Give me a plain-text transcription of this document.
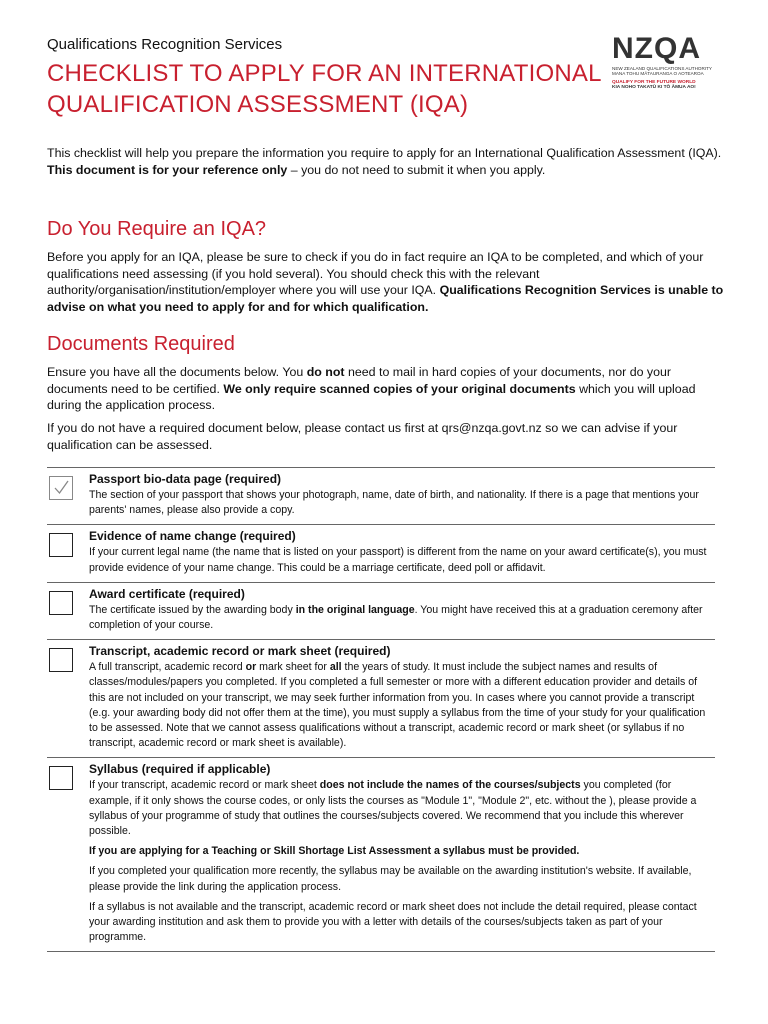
Qualifications Recognition Services
CHECKLIST TO APPLY FOR AN INTERNATIONAL QUALIFICATION ASSESSMENT (IQA)
NZQA
NEW ZEALAND QUALIFICATIONS AUTHORITY MANA TOHU MĀTAURANGA O AOTEAROA
QUALIFY FOR THE FUTURE WORLD
KIA NOHO TAKATŪ KI TŌ ĀMUA AO!
This checklist will help you prepare the information you require to apply for an International Qualification Assessment (IQA). This document is for your reference only – you do not need to submit it when you apply.
Do You Require an IQA?
Before you apply for an IQA, please be sure to check if you do in fact require an IQA to be completed, and which of your qualifications need assessing (if you hold several). You should check this with the relevant authority/organisation/institution/employer where you will use your IQA. Qualifications Recognition Services is unable to advise on what you need to apply for and for which qualification.
Documents Required
Ensure you have all the documents below. You do not need to mail in hard copies of your documents, nor do your documents need to be certified. We only require scanned copies of your original documents which you will upload during the application process.
If you do not have a required document below, please contact us first at qrs@nzqa.govt.nz so we can advise if your qualification can be assessed.
Passport bio-data page (required)
The section of your passport that shows your photograph, name, date of birth, and nationality. If there is a page that mentions your parents' names, please also provide a copy.
Evidence of name change (required)
If your current legal name (the name that is listed on your passport) is different from the name on your award certificate(s), you must provide evidence of your name change. This could be a marriage certificate, deed poll or affidavit.
Award certificate (required)
The certificate issued by the awarding body in the original language. You might have received this at a graduation ceremony after completion of your course.
Transcript, academic record or mark sheet (required)
A full transcript, academic record or mark sheet for all the years of study. It must include the subject names and results of classes/modules/papers you completed. If you completed a full semester or more with a different education provider and details of this are not included on your transcript, we may seek further information from you. In cases where you cannot provide a transcript (e.g. your awarding body did not offer them at the time), you must supply a syllabus from the time of your study for your qualification to be assessed. Note that we cannot assess qualifications without a transcript, academic record or mark sheet (or syllabus if no transcript, academic record or mark sheet is available).
Syllabus (required if applicable)

If your transcript, academic record or mark sheet does not include the names of the courses/subjects you completed (for example, if it only shows the course codes, or only lists the courses as "Module 1", "Module 2", etc. without the ), please provide a syllabus of your programme of study that outlines the courses/subjects covered. We recommend that you include this wherever possible.

If you are applying for a Teaching or Skill Shortage List Assessment a syllabus must be provided.

If you completed your qualification more recently, the syllabus may be available on the awarding institution's website. If available, please provide the link during the application process.

If a syllabus is not available and the transcript, academic record or mark sheet does not include the detail required, please contact your awarding institution and ask them to provide you with a letter with details of the courses/subjects taken as part of your programme.
